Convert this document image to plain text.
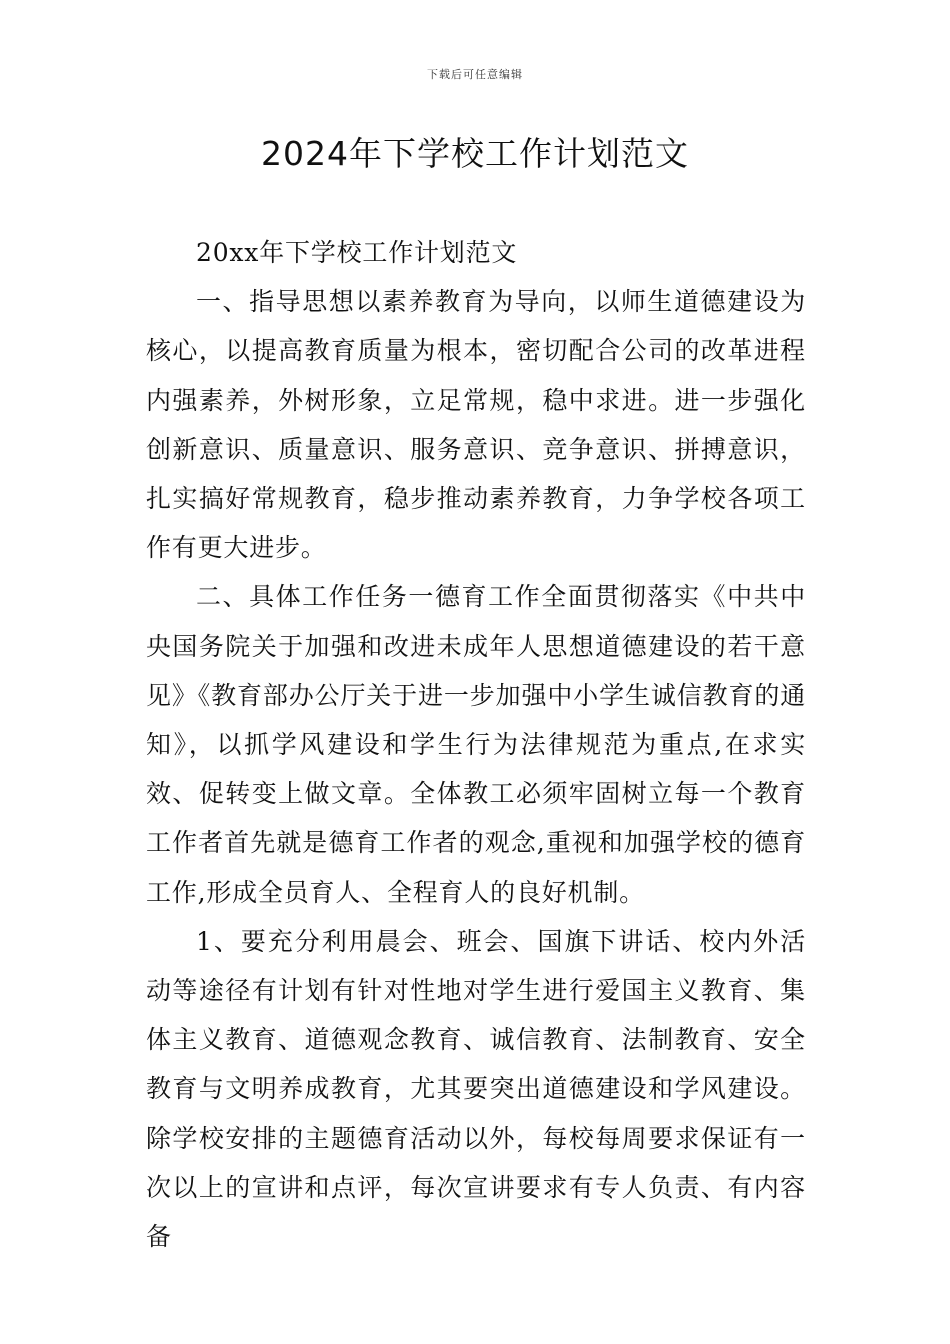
下载后可任意编辑
2024年下学校工作计划范文

20xx年下学校工作计划范文

一、指导思想以素养教育为导向，以师生道德建设为核心，以提高教育质量为根本，密切配合公司的改革进程内强素养，外树形象，立足常规，稳中求进。进一步强化创新意识、质量意识、服务意识、竞争意识、拼搏意识，扎实搞好常规教育，稳步推动素养教育，力争学校各项工作有更大进步。

二、具体工作任务一德育工作全面贯彻落实《中共中央国务院关于加强和改进未成年人思想道德建设的若干意见》《教育部办公厅关于进一步加强中小学生诚信教育的通知》，以抓学风建设和学生行为法律规范为重点,在求实效、促转变上做文章。全体教工必须牢固树立每一个教育工作者首先就是德育工作者的观念,重视和加强学校的德育工作,形成全员育人、全程育人的良好机制。

1、要充分利用晨会、班会、国旗下讲话、校内外活动等途径有计划有针对性地对学生进行爱国主义教育、集体主义教育、道德观念教育、诚信教育、法制教育、安全教育与文明养成教育，尤其要突出道德建设和学风建设。除学校安排的主题德育活动以外，每校每周要求保证有一次以上的宣讲和点评，每次宣讲要求有专人负责、有内容备
